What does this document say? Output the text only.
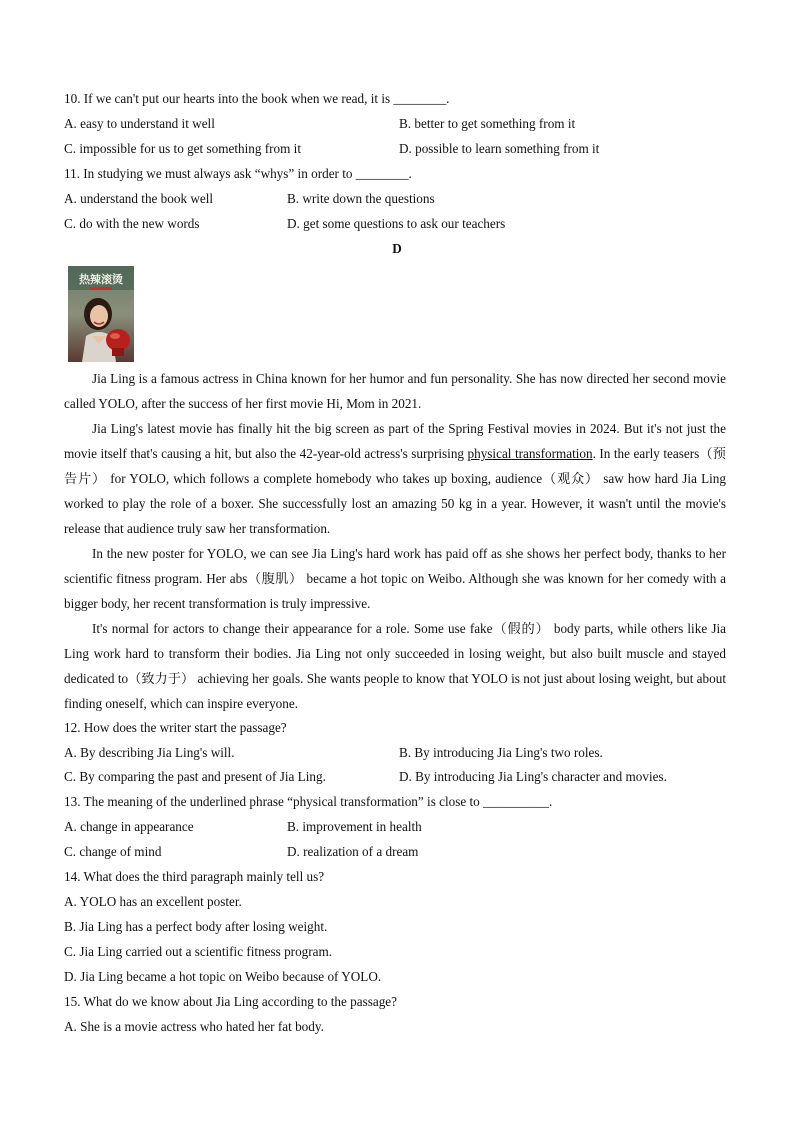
10. If we can't put our hearts into the book when we read, it is ________.
A. easy to understand it well	B. better to get something from it
C. impossible for us to get something from it	D. possible to learn something from it
11. In studying we must always ask “whys” in order to ________.
A. understand the book well	B. write down the questions
C. do with the new words	D. get some questions to ask our teachers
D
热辣滚烫

Jia Ling is a famous actress in China known for her humor and fun personality. She has now directed her second movie called YOLO, after the success of her first movie Hi, Mom in 2021.

Jia Ling's latest movie has finally hit the big screen as part of the Spring Festival movies in 2024. But it's not just the movie itself that's causing a hit, but also the 42-year-old actress's surprising physical transformation. In the early teasers（预告片） for YOLO, which follows a complete homebody who takes up boxing, audience（观众） saw how hard Jia Ling worked to play the role of a boxer. She successfully lost an amazing 50 kg in a year. However, it wasn't until the movie's release that audience truly saw her transformation.

In the new poster for YOLO, we can see Jia Ling's hard work has paid off as she shows her perfect body, thanks to her scientific fitness program. Her abs（腹肌） became a hot topic on Weibo. Although she was known for her comedy with a bigger body, her recent transformation is truly impressive.

It's normal for actors to change their appearance for a role. Some use fake（假的） body parts, while others like Jia Ling work hard to transform their bodies. Jia Ling not only succeeded in losing weight, but also built muscle and stayed dedicated to（致力于） achieving her goals. She wants people to know that YOLO is not just about losing weight, but about finding oneself, which can inspire everyone.

12. How does the writer start the passage?
A. By describing Jia Ling's will.	B. By introducing Jia Ling's two roles.
C. By comparing the past and present of Jia Ling.	D. By introducing Jia Ling's character and movies.
13. The meaning of the underlined phrase “physical transformation” is close to __________.
A. change in appearance	B. improvement in health
C. change of mind	D. realization of a dream
14. What does the third paragraph mainly tell us?
A. YOLO has an excellent poster.
B. Jia Ling has a perfect body after losing weight.
C. Jia Ling carried out a scientific fitness program.
D. Jia Ling became a hot topic on Weibo because of YOLO.
15. What do we know about Jia Ling according to the passage?
A. She is a movie actress who hated her fat body.
